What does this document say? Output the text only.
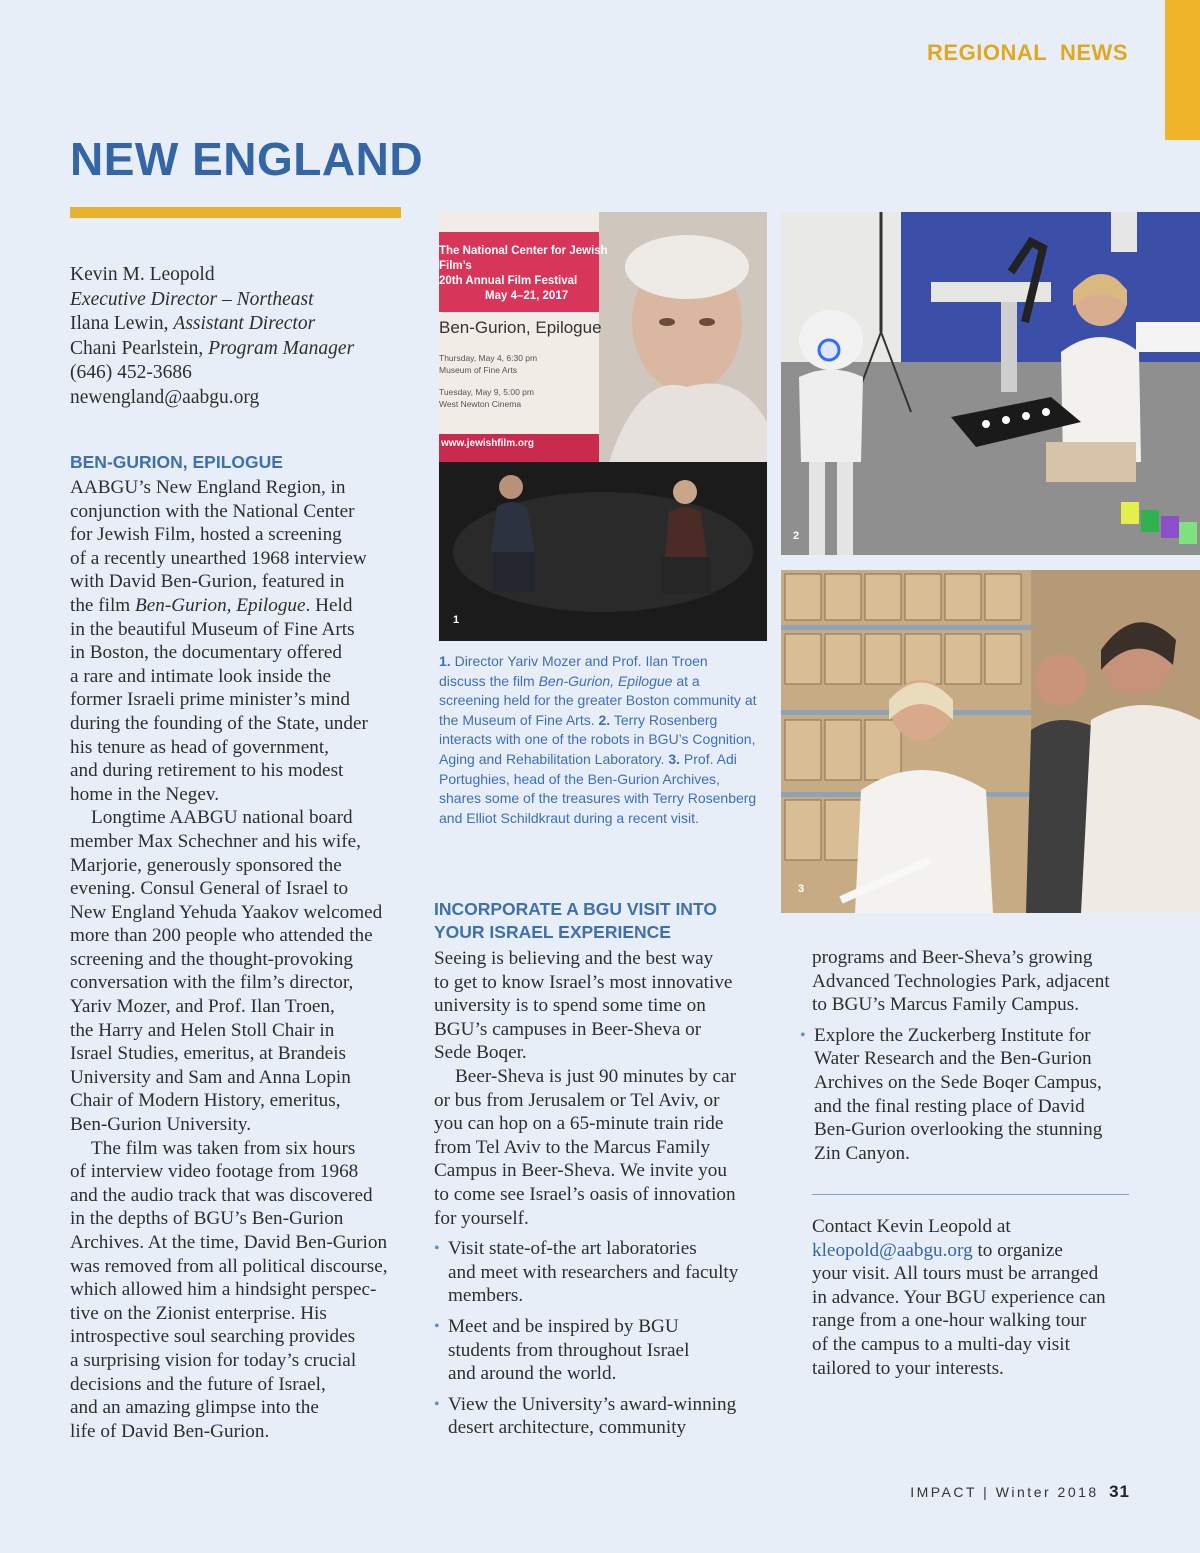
REGIONAL  NEWS
NEW ENGLAND
Kevin M. Leopold
Executive Director – Northeast
Ilana Lewin, Assistant Director
Chani Pearlstein, Program Manager
(646) 452-3686
newengland@aabgu.org
BEN-GURION, EPILOGUE
AABGU’s New England Region, in
conjunction with the National Center
for Jewish Film, hosted a screening
of a recently unearthed 1968 interview
with David Ben-Gurion, featured in
the film Ben-Gurion, Epilogue. Held
in the beautiful Museum of Fine Arts
in Boston, the documentary offered
a rare and intimate look inside the
former Israeli prime minister’s mind
during the founding of the State, under
his tenure as head of government,
and during retirement to his modest
home in the Negev.
Longtime AABGU national board
member Max Schechner and his wife,
Marjorie, generously sponsored the
evening. Consul General of Israel to
New England Yehuda Yaakov welcomed
more than 200 people who attended the
screening and the thought-provoking
conversation with the film’s director,
Yariv Mozer, and Prof. Ilan Troen,
the Harry and Helen Stoll Chair in
Israel Studies, emeritus, at Brandeis
University and Sam and Anna Lopin
Chair of Modern History, emeritus,
Ben-Gurion University.
The film was taken from six hours
of interview video footage from 1968
and the audio track that was discovered
in the depths of BGU’s Ben-Gurion
Archives. At the time, David Ben-Gurion
was removed from all political discourse,
which allowed him a hindsight perspec-
tive on the Zionist enterprise. His
introspective soul searching provides
a surprising vision for today’s crucial
decisions and the future of Israel,
and an amazing glimpse into the
life of David Ben-Gurion.
The National Center for Jewish Film’s
20th Annual Film Festival
May 4–21, 2017
Ben-Gurion, Epilogue
Thursday, May 4, 6:30 pm
Museum of Fine Arts
Tuesday, May 9, 5:00 pm
West Newton Cinema
www.jewishfilm.org
1
2
3
1. Director Yariv Mozer and Prof. Ilan Troen discuss the film Ben-Gurion, Epilogue at a screening held for the greater Boston community at the Museum of Fine Arts. 2. Terry Rosenberg interacts with one of the robots in BGU’s Cognition, Aging and Rehabilitation Laboratory. 3. Prof. Adi Portughies, head of the Ben-Gurion Archives, shares some of the treasures with Terry Rosenberg and Elliot Schildkraut during a recent visit.
INCORPORATE A BGU VISIT INTO
YOUR ISRAEL EXPERIENCE
Seeing is believing and the best way
to get to know Israel’s most innovative
university is to spend some time on
BGU’s campuses in Beer-Sheva or
Sede Boqer.
Beer-Sheva is just 90 minutes by car
or bus from Jerusalem or Tel Aviv, or
you can hop on a 65-minute train ride
from Tel Aviv to the Marcus Family
Campus in Beer-Sheva. We invite you
to come see Israel’s oasis of innovation
for yourself.
• Visit state-of-the art laboratories
and meet with researchers and faculty
members.
• Meet and be inspired by BGU
students from throughout Israel
and around the world.
• View the University’s award-winning
desert architecture, community
programs and Beer-Sheva’s growing
Advanced Technologies Park, adjacent
to BGU’s Marcus Family Campus.
• Explore the Zuckerberg Institute for
Water Research and the Ben-Gurion
Archives on the Sede Boqer Campus,
and the final resting place of David
Ben-Gurion overlooking the stunning
Zin Canyon.
Contact Kevin Leopold at
kleopold@aabgu.org to organize
your visit. All tours must be arranged
in advance. Your BGU experience can
range from a one-hour walking tour
of the campus to a multi-day visit
tailored to your interests.
IMPACT | Winter 2018 31
